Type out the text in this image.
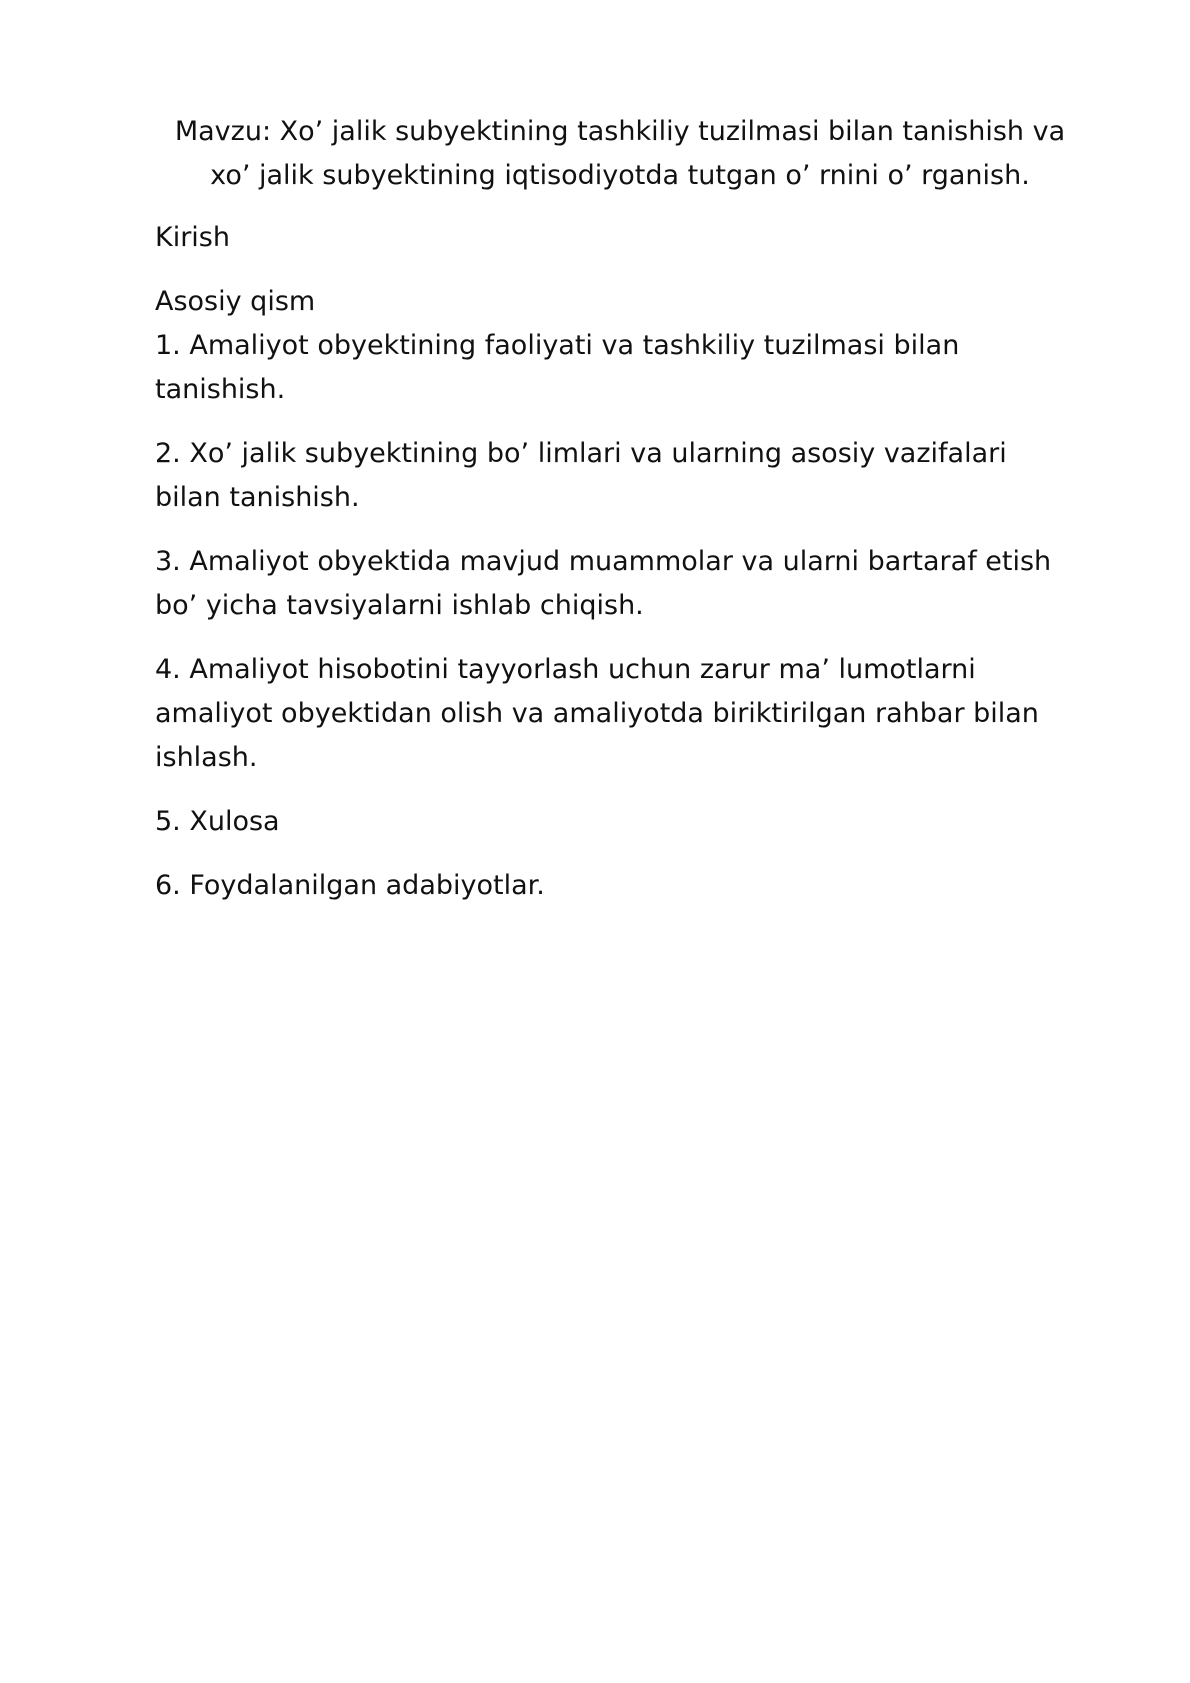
Mavzu: Xo’ jalik subyektining tashkiliy tuzilmasi bilan tanishish va xo’ jalik subyektining iqtisodiyotda tutgan o’ rnini o’ rganish.

Kirish

Asosiy qism

1. Amaliyot obyektining faoliyati va tashkiliy tuzilmasi bilan tanishish.

2. Xo’ jalik subyektining bo’ limlari va ularning asosiy vazifalari bilan tanishish.

3. Amaliyot obyektida mavjud muammolar va ularni bartaraf etish bo’ yicha tavsiyalarni ishlab chiqish.

4. Amaliyot hisobotini tayyorlash uchun zarur ma’ lumotlarni amaliyot obyektidan olish va amaliyotda biriktirilgan rahbar bilan ishlash.

5. Xulosa

6. Foydalanilgan adabiyotlar.
